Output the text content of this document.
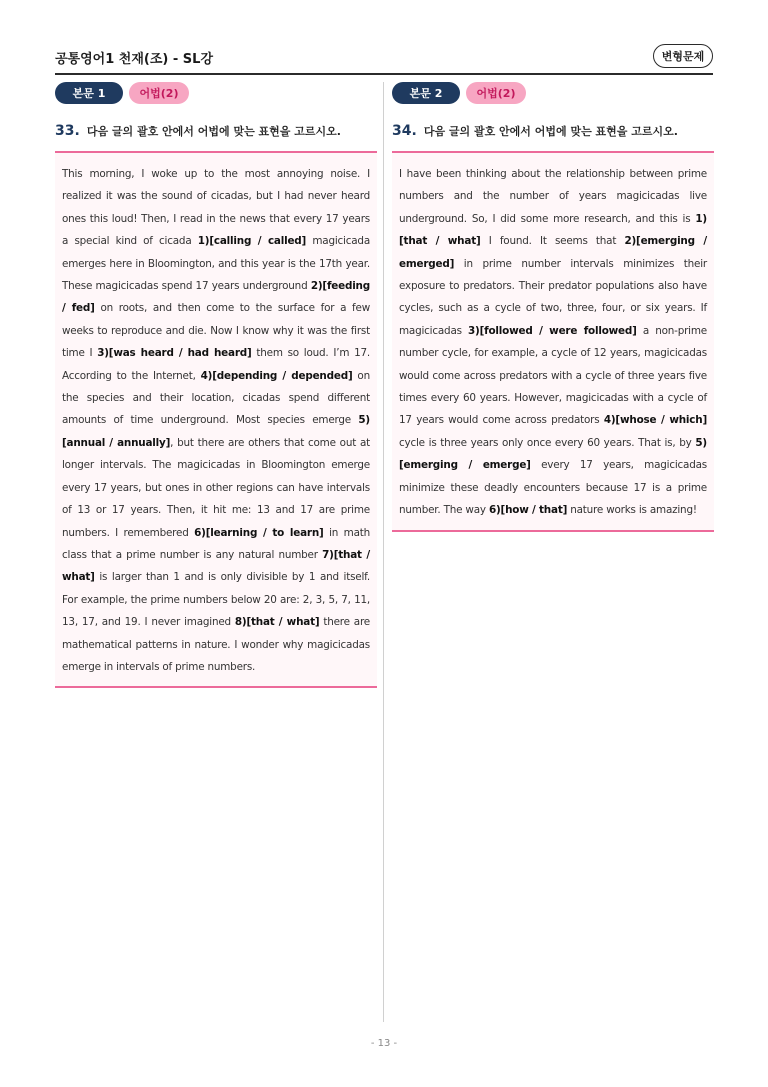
공통영어1 천재(조) - SL강	변형문제
본문 1	어법(2)
33. 다음 글의 괄호 안에서 어법에 맞는 표현을 고르시오.

This morning, I woke up to the most annoying noise. I realized it was the sound of cicadas, but I had never heard ones this loud! Then, I read in the news that every 17 years a special kind of cicada 1)[calling / called] magicicada emerges here in Bloomington, and this year is the 17th year. These magicicadas spend 17 years underground 2)[feeding / fed] on roots, and then come to the surface for a few weeks to reproduce and die. Now I know why it was the first time I 3)[was heard / had heard] them so loud. I’m 17. According to the Internet, 4)[depending / depended] on the species and their location, cicadas spend different amounts of time underground. Most species emerge 5)[annual / annually], but there are others that come out at longer intervals. The magicicadas in Bloomington emerge every 17 years, but ones in other regions can have intervals of 13 or 17 years. Then, it hit me: 13 and 17 are prime numbers. I remembered 6)[learning / to learn] in math class that a prime number is any natural number 7)[that / what] is larger than 1 and is only divisible by 1 and itself. For example, the prime numbers below 20 are: 2, 3, 5, 7, 11, 13, 17, and 19. I never imagined 8)[that / what] there are mathematical patterns in nature. I wonder why magicicadas emerge in intervals of prime numbers.

본문 2	어법(2)
34. 다음 글의 괄호 안에서 어법에 맞는 표현을 고르시오.

I have been thinking about the relationship between prime numbers and the number of years magicicadas live underground. So, I did some more research, and this is 1)[that / what] I found. It seems that 2)[emerging / emerged] in prime number intervals minimizes their exposure to predators. Their predator populations also have cycles, such as a cycle of two, three, four, or six years. If magicicadas 3)[followed / were followed] a non-prime number cycle, for example, a cycle of 12 years, magicicadas would come across predators with a cycle of three years five times every 60 years. However, magicicadas with a cycle of 17 years would come across predators 4)[whose / which] cycle is three years only once every 60 years. That is, by 5)[emerging / emerge] every 17 years, magicicadas minimize these deadly encounters because 17 is a prime number. The way 6)[how / that] nature works is amazing!

- 13 -
